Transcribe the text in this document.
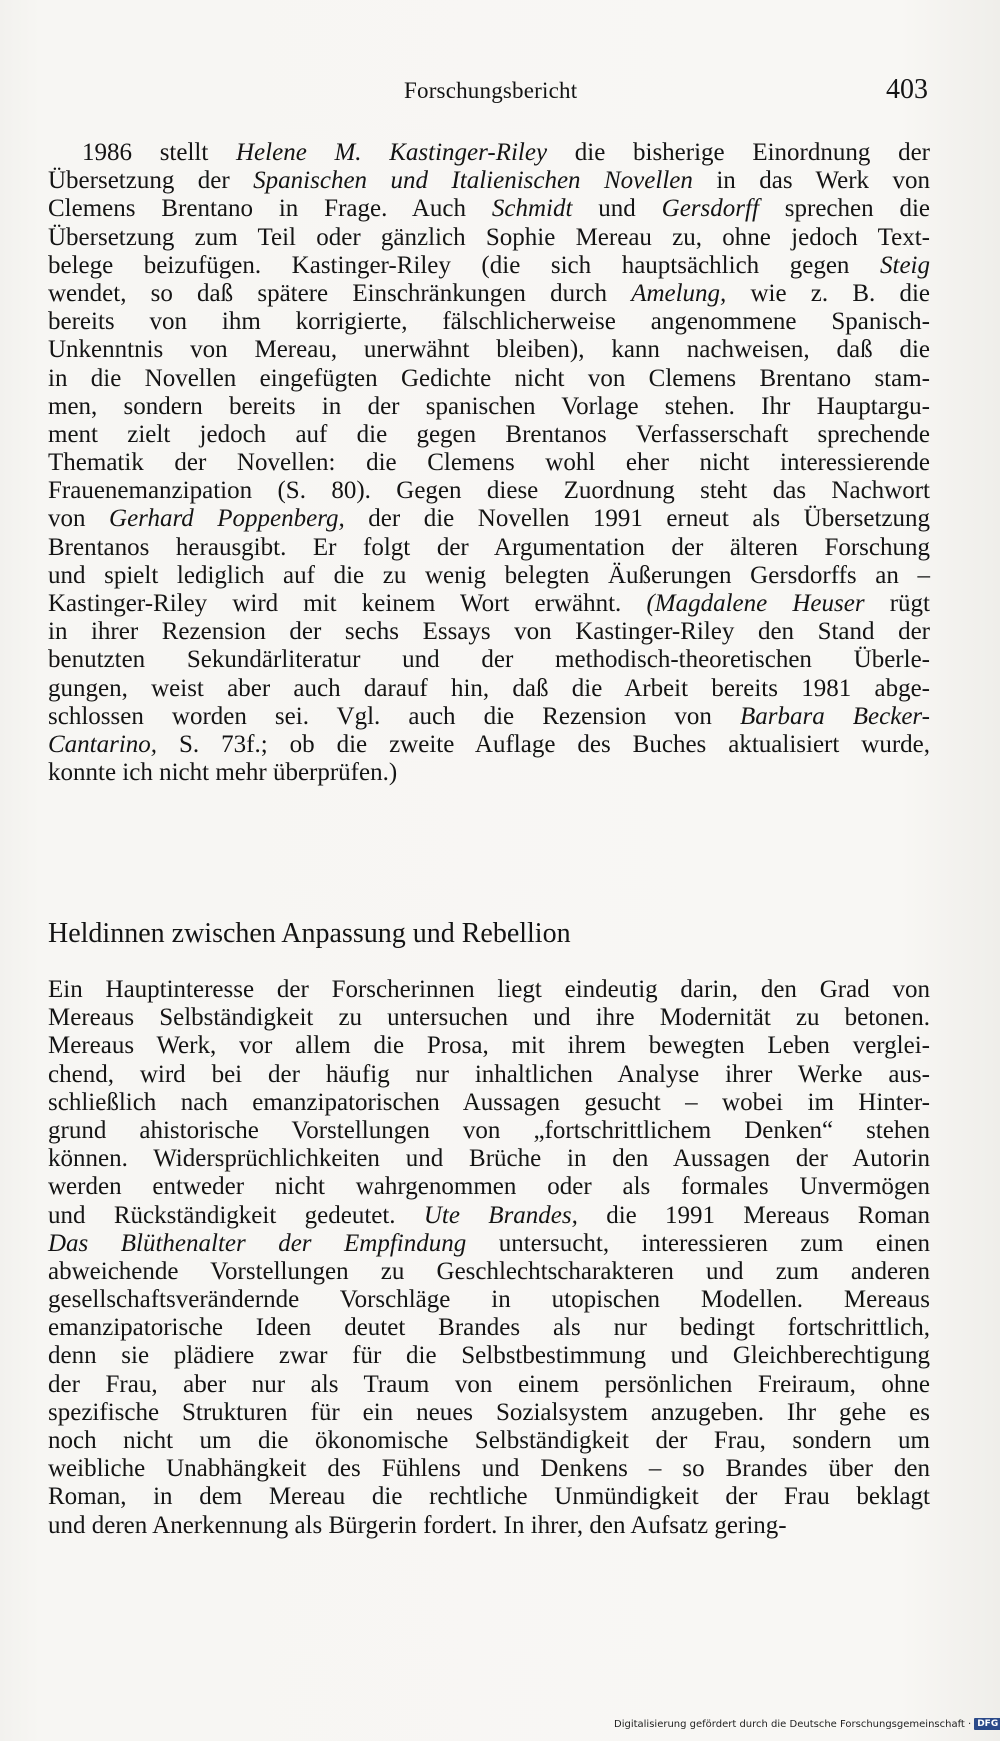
Forschungsbericht	403

1986 stellt Helene M. Kastinger-Riley die bisherige Einordnung der

Übersetzung der Spanischen und Italienischen Novellen in das Werk von

Clemens Brentano in Frage. Auch Schmidt und Gersdorff sprechen die

Übersetzung zum Teil oder gänzlich Sophie Mereau zu, ohne jedoch Text-

belege beizufügen. Kastinger-Riley (die sich hauptsächlich gegen Steig

wendet, so daß spätere Einschränkungen durch Amelung, wie z. B. die

bereits von ihm korrigierte, fälschlicherweise angenommene Spanisch-

Unkenntnis von Mereau, unerwähnt bleiben), kann nachweisen, daß die

in die Novellen eingefügten Gedichte nicht von Clemens Brentano stam-

men, sondern bereits in der spanischen Vorlage stehen. Ihr Hauptargu-

ment zielt jedoch auf die gegen Brentanos Verfasserschaft sprechende

Thematik der Novellen: die Clemens wohl eher nicht interessierende

Frauenemanzipation (S. 80). Gegen diese Zuordnung steht das Nachwort

von Gerhard Poppenberg, der die Novellen 1991 erneut als Übersetzung

Brentanos herausgibt. Er folgt der Argumentation der älteren Forschung

und spielt lediglich auf die zu wenig belegten Äußerungen Gersdorffs an –

Kastinger-Riley wird mit keinem Wort erwähnt. (Magdalene Heuser rügt

in ihrer Rezension der sechs Essays von Kastinger-Riley den Stand der

benutzten Sekundärliteratur und der methodisch-theoretischen Überle-

gungen, weist aber auch darauf hin, daß die Arbeit bereits 1981 abge-

schlossen worden sei. Vgl. auch die Rezension von Barbara Becker-

Cantarino, S. 73f.; ob die zweite Auflage des Buches aktualisiert wurde,

konnte ich nicht mehr überprüfen.)

Heldinnen zwischen Anpassung und Rebellion

Ein Hauptinteresse der Forscherinnen liegt eindeutig darin, den Grad von

Mereaus Selbständigkeit zu untersuchen und ihre Modernität zu betonen.

Mereaus Werk, vor allem die Prosa, mit ihrem bewegten Leben verglei-

chend, wird bei der häufig nur inhaltlichen Analyse ihrer Werke aus-

schließlich nach emanzipatorischen Aussagen gesucht – wobei im Hinter-

grund ahistorische Vorstellungen von „fortschrittlichem Denken“ stehen

können. Widersprüchlichkeiten und Brüche in den Aussagen der Autorin

werden entweder nicht wahrgenommen oder als formales Unvermögen

und Rückständigkeit gedeutet. Ute Brandes, die 1991 Mereaus Roman

Das Blüthenalter der Empfindung untersucht, interessieren zum einen

abweichende Vorstellungen zu Geschlechtscharakteren und zum anderen

gesellschaftsverändernde Vorschläge in utopischen Modellen. Mereaus

emanzipatorische Ideen deutet Brandes als nur bedingt fortschrittlich,

denn sie plädiere zwar für die Selbstbestimmung und Gleichberechtigung

der Frau, aber nur als Traum von einem persönlichen Freiraum, ohne

spezifische Strukturen für ein neues Sozialsystem anzugeben. Ihr gehe es

noch nicht um die ökonomische Selbständigkeit der Frau, sondern um

weibliche Unabhängkeit des Fühlens und Denkens – so Brandes über den

Roman, in dem Mereau die rechtliche Unmündigkeit der Frau beklagt

und deren Anerkennung als Bürgerin fordert. In ihrer, den Aufsatz gering-

Digitalisierung gefördert durch die Deutsche Forschungsgemeinschaft · DFG
